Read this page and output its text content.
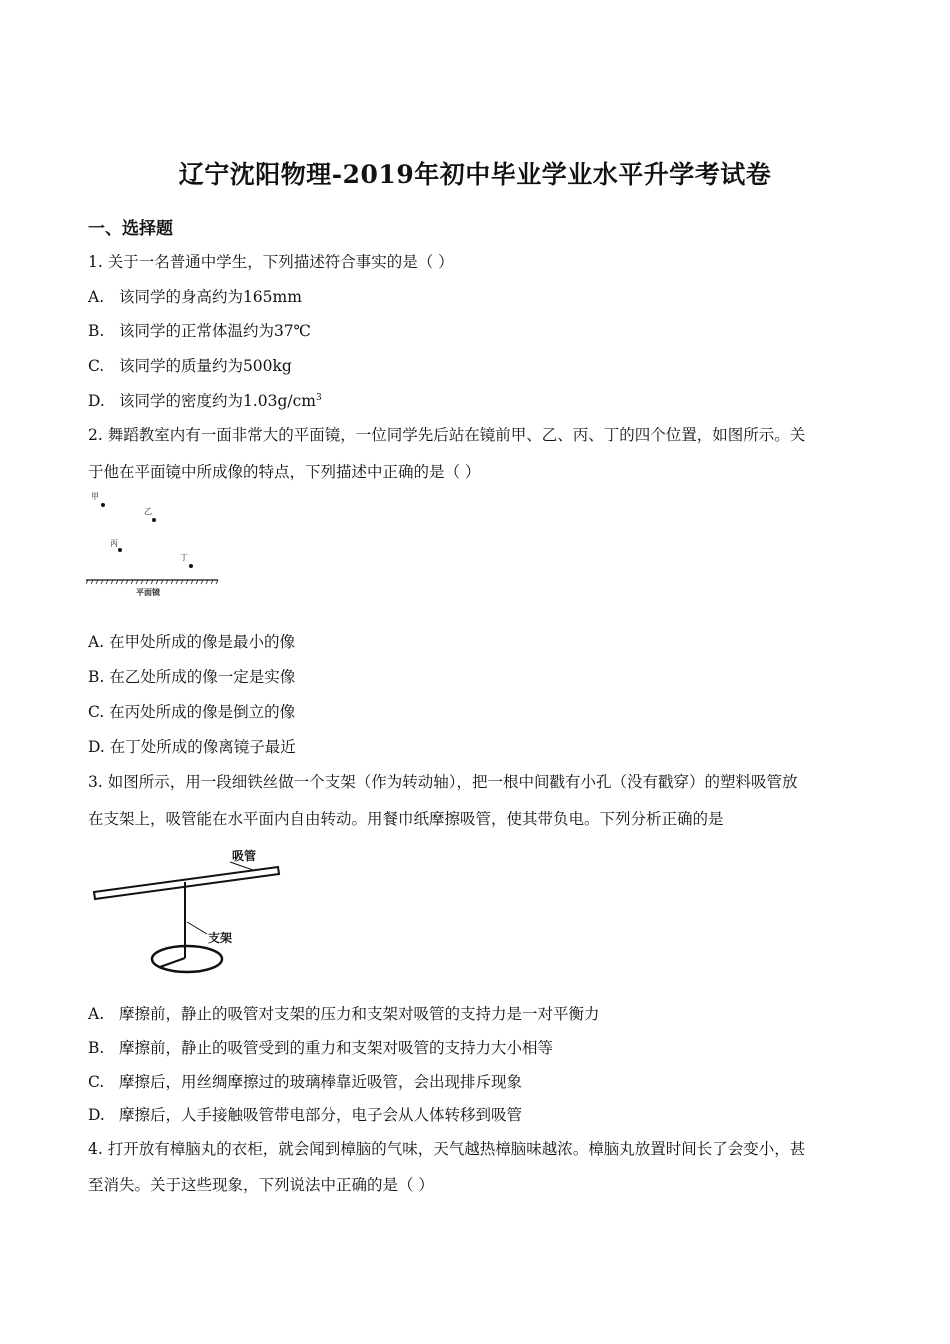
辽宁沈阳物理-2019年初中毕业学业水平升学考试卷
一、选择题
1. 关于一名普通中学生，下列描述符合事实的是（ ）
A. 该同学的身高约为165mm
B. 该同学的正常体温约为37℃
C. 该同学的质量约为500kg
D. 该同学的密度约为$1.03g/cm^3$
2. 舞蹈教室内有一面非常大的平面镜，一位同学先后站在镜前甲、乙、丙、丁的四个位置，如图所示。关
于他在平面镜中所成像的特点，下列描述中正确的是（ ）
甲
乙
丙
丁
平面镜
A. 在甲处所成的像是最小的像
B. 在乙处所成的像一定是实像
C. 在丙处所成的像是倒立的像
D. 在丁处所成的像离镜子最近
3. 如图所示，用一段细铁丝做一个支架（作为转动轴），把一根中间戳有小孔（没有戳穿）的塑料吸管放
在支架上，吸管能在水平面内自由转动。用餐巾纸摩擦吸管，使其带负电。下列分析正确的是
吸管
支架
A. 摩擦前，静止的吸管对支架的压力和支架对吸管的支持力是一对平衡力
B. 摩擦前，静止的吸管受到的重力和支架对吸管的支持力大小相等
C. 摩擦后，用丝绸摩擦过的玻璃棒靠近吸管，会出现排斥现象
D. 摩擦后，人手接触吸管带电部分，电子会从人体转移到吸管
4. 打开放有樟脑丸的衣柜，就会闻到樟脑的气味，天气越热樟脑味越浓。樟脑丸放置时间长了会变小，甚
至消失。关于这些现象，下列说法中正确的是（ ）
